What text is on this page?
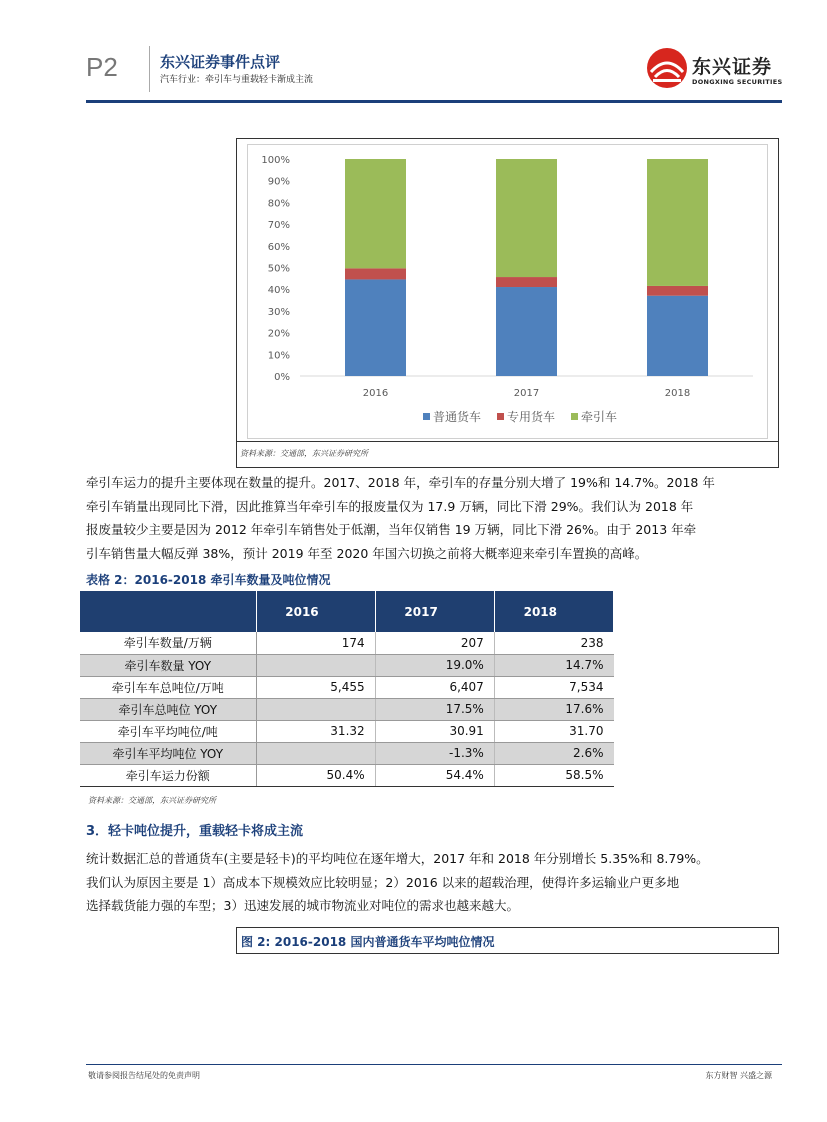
P2	东兴证券事件点评
汽车行业：牵引车与重载轻卡渐成主流
东兴证券
DONGXING SECURITIES
0%
10%
20%
30%
40%
50%
60%
70%
80%
90%
100%
2016	2017	2018
普通货车 专用货车 牵引车
资料来源：交通部，东兴证券研究所
牵引车运力的提升主要体现在数量的提升。2017、2018 年，牵引车的存量分别大增了 19%和 14.7%。2018 年
牵引车销量出现同比下滑，因此推算当年牵引车的报废量仅为 17.9 万辆，同比下滑 29%。我们认为 2018 年
报废量较少主要是因为 2012 年牵引车销售处于低潮，当年仅销售 19 万辆，同比下滑 26%。由于 2013 年牵
引车销售量大幅反弹 38%，预计 2019 年至 2020 年国六切换之前将大概率迎来牵引车置换的高峰。
表格 2：2016-2018 牵引车数量及吨位情况
	2016	2017	2018
牵引车数量/万辆	174	207	238
牵引车数量 YOY		19.0%	14.7%
牵引车车总吨位/万吨	5,455	6,407	7,534
牵引车总吨位 YOY		17.5%	17.6%
牵引车平均吨位/吨	31.32	30.91	31.70
牵引车平均吨位 YOY		-1.3%	2.6%
牵引车运力份额	50.4%	54.4%	58.5%
资料来源：交通部，东兴证券研究所
3．轻卡吨位提升，重载轻卡将成主流
统计数据汇总的普通货车(主要是轻卡)的平均吨位在逐年增大，2017 年和 2018 年分别增长 5.35%和 8.79%。
我们认为原因主要是 1）高成本下规模效应比较明显；2）2016 以来的超载治理，使得许多运输业户更多地
选择载货能力强的车型；3）迅速发展的城市物流业对吨位的需求也越来越大。
图 2: 2016-2018 国内普通货车平均吨位情况
敬请参阅报告结尾处的免责声明	东方财智 兴盛之源
